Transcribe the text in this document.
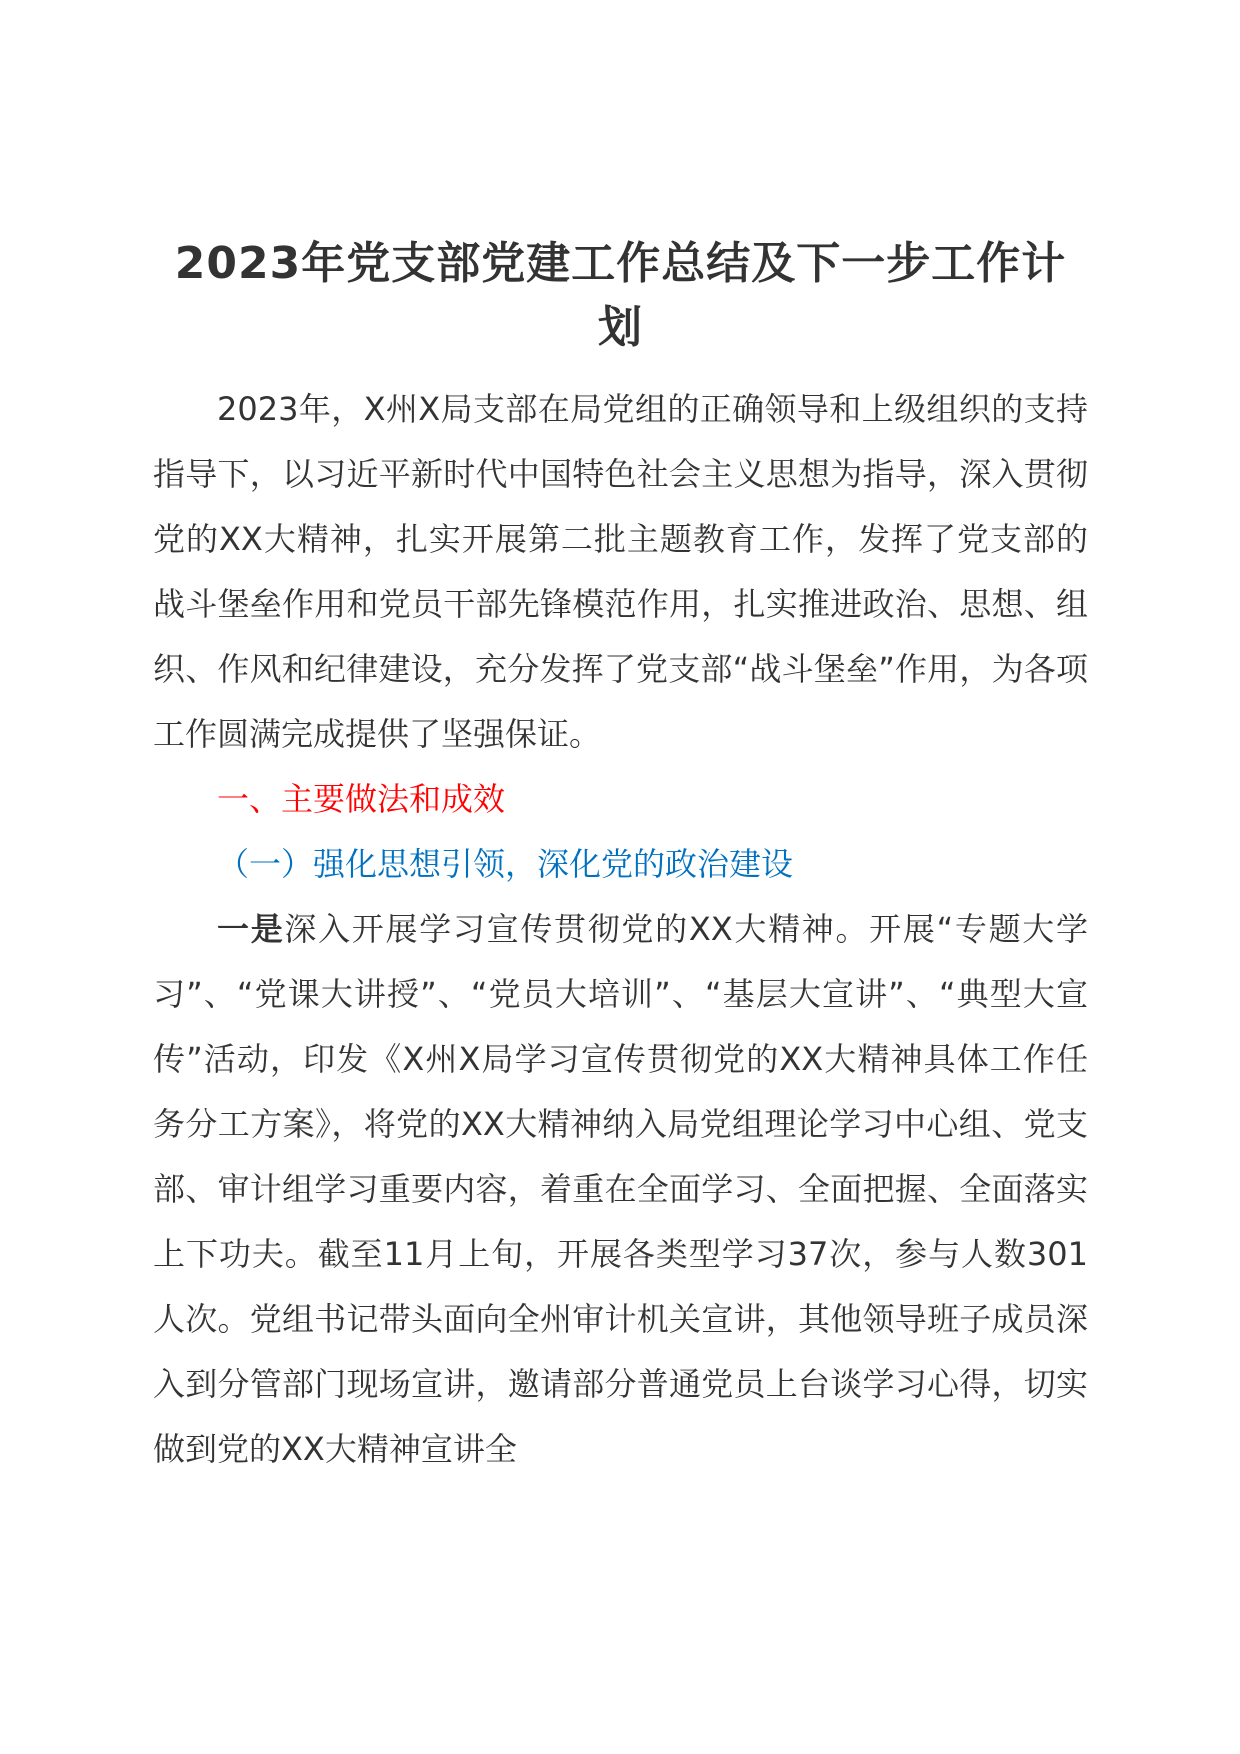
2023年党支部党建工作总结及下一步工作计划

2023年，X州X局支部在局党组的正确领导和上级组织的支持指导下，以习近平新时代中国特色社会主义思想为指导，深入贯彻党的XX大精神，扎实开展第二批主题教育工作，发挥了党支部的战斗堡垒作用和党员干部先锋模范作用，扎实推进政治、思想、组织、作风和纪律建设，充分发挥了党支部“战斗堡垒”作用，为各项工作圆满完成提供了坚强保证。

一、主要做法和成效

（一）强化思想引领，深化党的政治建设

一是深入开展学习宣传贯彻党的XX大精神。开展“专题大学习”、“党课大讲授”、“党员大培训”、“基层大宣讲”、“典型大宣传”活动，印发《X州X局学习宣传贯彻党的XX大精神具体工作任务分工方案》，将党的XX大精神纳入局党组理论学习中心组、党支部、审计组学习重要内容，着重在全面学习、全面把握、全面落实上下功夫。截至11月上旬，开展各类型学习37次，参与人数301人次。党组书记带头面向全州审计机关宣讲，其他领导班子成员深入到分管部门现场宣讲，邀请部分普通党员上台谈学习心得，切实做到党的XX大精神宣讲全
